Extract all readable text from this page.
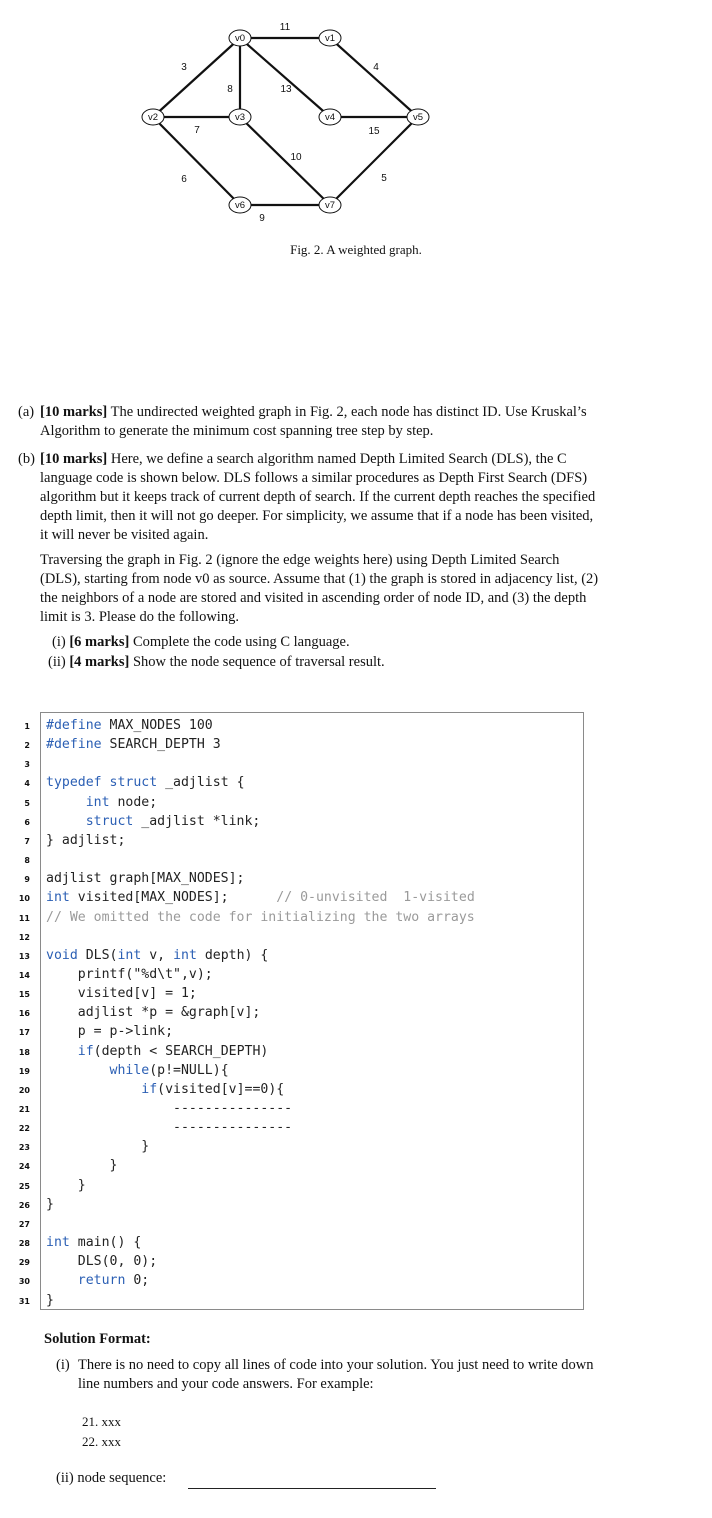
11
3
8	13
4
7	15
10
6	5
9
v0	v1
v2	v3	v4	v5
v6	v7
Fig. 2. A weighted graph.
(a) [10 marks] The undirected weighted graph in Fig. 2, each node has distinct ID. Use Kruskal’s Algorithm to generate the minimum cost spanning tree step by step.
(b) [10 marks] Here, we define a search algorithm named Depth Limited Search (DLS), the C language code is shown below. DLS follows a similar procedures as Depth First Search (DFS) algorithm but it keeps track of current depth of search. If the current depth reaches the specified depth limit, then it will not go deeper. For simplicity, we assume that if a node has been visited, it will never be visited again.
Traversing the graph in Fig. 2 (ignore the edge weights here) using Depth Limited Search (DLS), starting from node v0 as source. Assume that (1) the graph is stored in adjacency list, (2) the neighbors of a node are stored and visited in ascending order of node ID, and (3) the depth limit is 3. Please do the following.
(i) [6 marks] Complete the code using C language.
(ii) [4 marks] Show the node sequence of traversal result.
1 #define MAX_NODES 100
2 #define SEARCH_DEPTH 3
3
4 typedef struct _adjlist {
5	int node;
6	struct _adjlist *link;
7 } adjlist;
8
9 adjlist graph[MAX_NODES];
10 int visited[MAX_NODES];      // 0-unvisited  1-visited
11 // We omitted the code for initializing the two arrays
12
13 void DLS(int v, int depth) {
14 printf("%d\t",v);
15 visited[v] = 1;
16 adjlist *p = &graph[v];
17 p = p->link;
18	if(depth < SEARCH_DEPTH)
19	while(p!=NULL){
20	if(visited[v]==0){
21 ---------------
22 ---------------
23 }
24 }
25 }
26 }
27
28 int main() {
29 DLS(0, 0);
30	return 0;
31 }
Solution Format:
(i) There is no need to copy all lines of code into your solution. You just need to write down line numbers and your code answers. For example:
21. xxx
22. xxx
(ii) node sequence:
